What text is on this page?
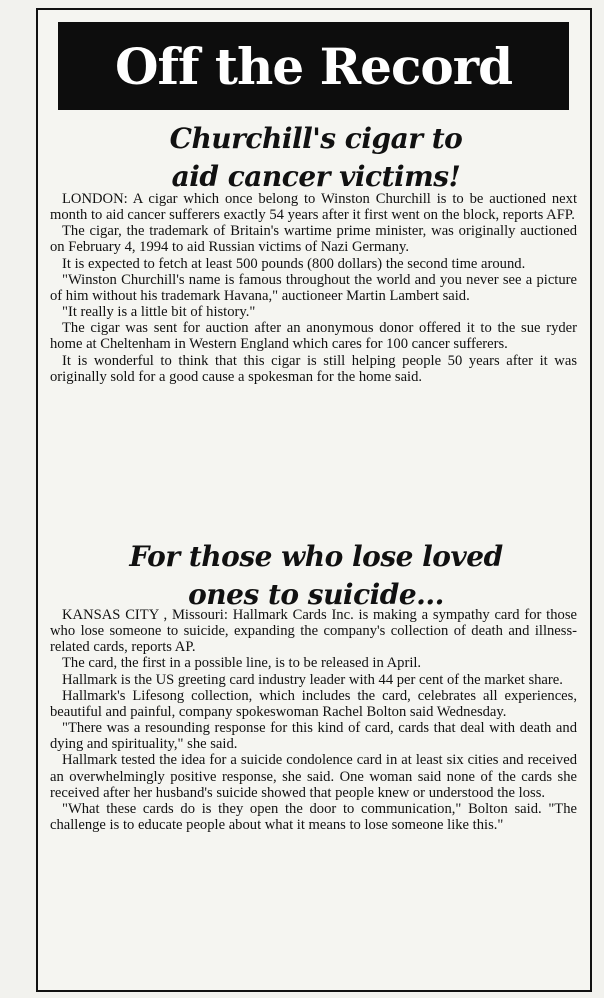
Off the Record
Churchill's cigar to
aid cancer victims!

LONDON: A cigar which once belong to Winston Churchill is to be auctioned next month to aid cancer sufferers exactly 54 years after it first went on the block, reports AFP.

The cigar, the trademark of Britain's wartime prime minister, was originally auctioned on February 4, 1994 to aid Russian victims of Nazi Germany.

It is expected to fetch at least 500 pounds (800 dollars) the second time around.

"Winston Churchill's name is famous throughout the world and you never see a picture of him without his trademark Havana," auctioneer Martin Lambert said.

"It really is a little bit of history."

The cigar was sent for auction after an anonymous donor offered it to the sue ryder home at Cheltenham in Western England which cares for 100 cancer sufferers.

It is wonderful to think that this cigar is still helping people 50 years after it was originally sold for a good cause a spokesman for the home said.

For those who lose loved
ones to suicide...

KANSAS CITY , Missouri: Hallmark Cards Inc. is making a sympathy card for those who lose someone to suicide, expanding the company's collection of death and illness-related cards, reports AP.

The card, the first in a possible line, is to be released in April.

Hallmark is the US greeting card industry leader with 44 per cent of the market share.

Hallmark's Lifesong collection, which includes the card, celebrates all experiences, beautiful and painful, company spokeswoman Rachel Bolton said Wednesday.

"There was a resounding response for this kind of card, cards that deal with death and dying and spirituality," she said.

Hallmark tested the idea for a suicide condolence card in at least six cities and received an overwhelmingly positive response, she said. One woman said none of the cards she received after her husband's suicide showed that people knew or understood the loss.

"What these cards do is they open the door to communication," Bolton said. "The challenge is to educate people about what it means to lose someone like this."
